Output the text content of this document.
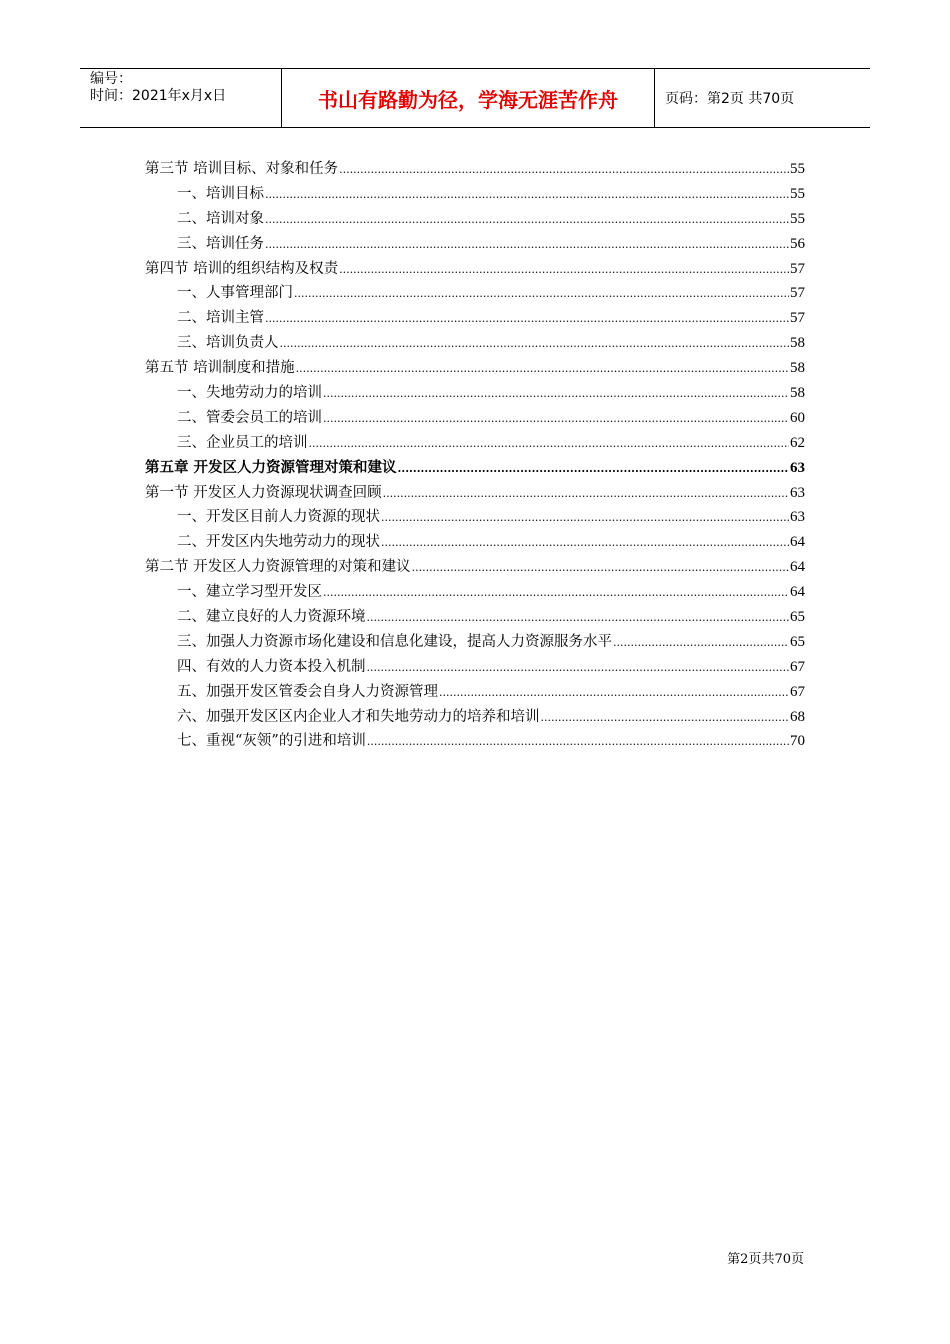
编号：
时间：2021年x月x日	书山有路勤为径，学海无涯苦作舟	页码：第2页 共70页
第三节 培训目标、对象和任务 .....	55
一、培训目标 .....	55
二、培训对象 .....	55
三、培训任务 .....	56
第四节 培训的组织结构及权责 .....	57
一、人事管理部门 .....	57
二、培训主管 .....	57
三、培训负责人 .....	58
第五节 培训制度和措施 .....	58
一、失地劳动力的培训 .....	58
二、管委会员工的培训 .....	60
三、企业员工的培训 .....	62
第五章 开发区人力资源管理对策和建议 .....	63
第一节 开发区人力资源现状调查回顾 .....	63
一、开发区目前人力资源的现状 .....	63
二、开发区内失地劳动力的现状 .....	64
第二节 开发区人力资源管理的对策和建议 .....	64
一、建立学习型开发区 .....	64
二、建立良好的人力资源环境 .....	65
三、加强人力资源市场化建设和信息化建设，提高人力资源服务水平 .....	65
四、有效的人力资本投入机制 .....	67
五、加强开发区管委会自身人力资源管理 .....	67
六、加强开发区区内企业人才和失地劳动力的培养和培训 .....	68
七、重视“灰领”的引进和培训 .....	70
第2页共70页
